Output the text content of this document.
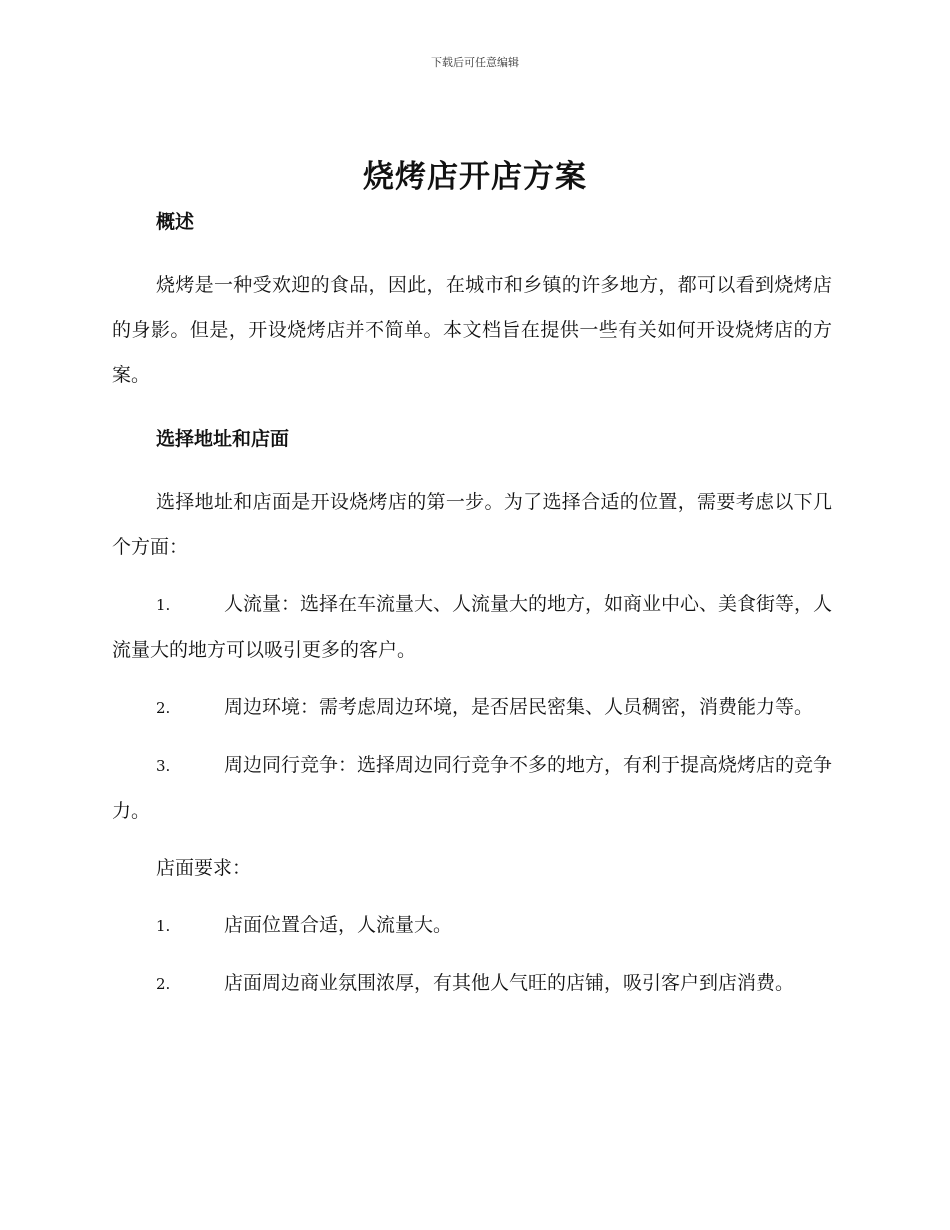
下载后可任意编辑
烧烤店开店方案
概述

烧烤是一种受欢迎的食品，因此，在城市和乡镇的许多地方，都可以看到烧烤店的身影。但是，开设烧烤店并不简单。本文档旨在提供一些有关如何开设烧烤店的方案。

选择地址和店面

选择地址和店面是开设烧烤店的第一步。为了选择合适的位置，需要考虑以下几个方面：

1.	人流量：选择在车流量大、人流量大的地方，如商业中心、美食街等，人流量大的地方可以吸引更多的客户。

2.	周边环境：需考虑周边环境，是否居民密集、人员稠密，消费能力等。

3.	周边同行竞争：选择周边同行竞争不多的地方，有利于提高烧烤店的竞争力。

店面要求：

1.	店面位置合适，人流量大。

2.	店面周边商业氛围浓厚，有其他人气旺的店铺，吸引客户到店消费。
